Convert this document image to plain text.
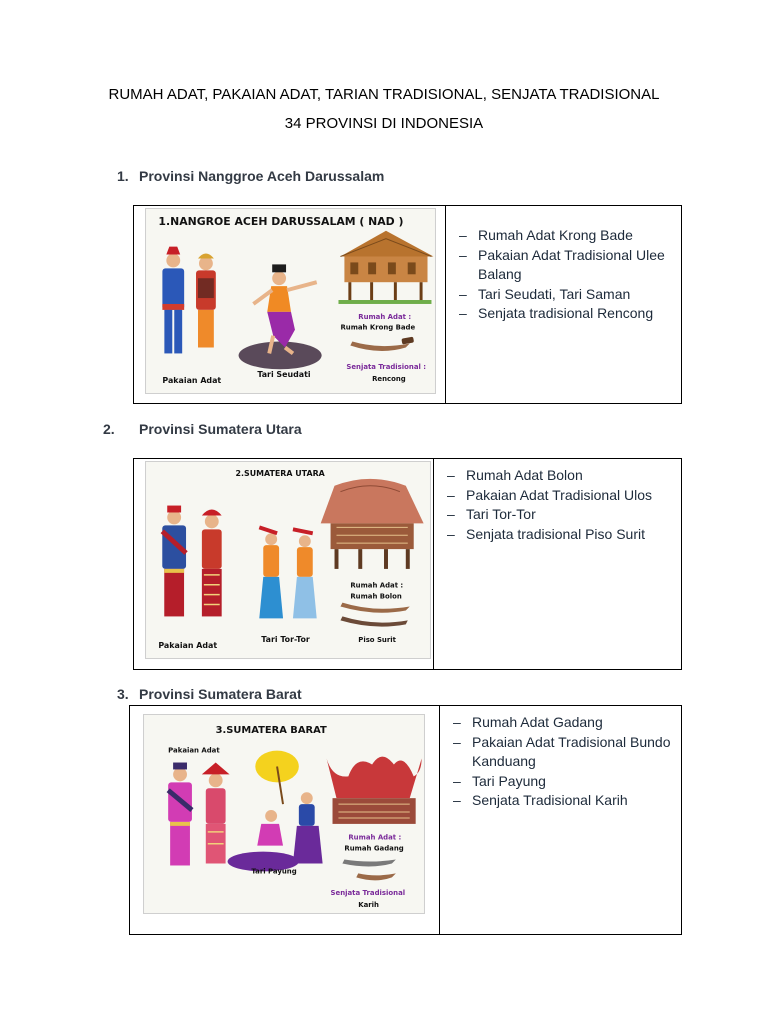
RUMAH ADAT, PAKAIAN ADAT, TARIAN TRADISIONAL, SENJATA TRADISIONAL
34 PROVINSI DI INDONESIA
1. Provinsi Nanggroe Aceh Darussalam
1.NANGROE ACEH DARUSSALAM ( NAD )
Pakaian Adat
Tari Seudati
Rumah Adat :
Rumah Krong Bade
Senjata Tradisional :
Rencong
– Rumah Adat Krong Bade
– Pakaian Adat Tradisional Ulee Balang
– Tari Seudati, Tari Saman
– Senjata tradisional Rencong
2. Provinsi Sumatera Utara
2.SUMATERA UTARA
Pakaian Adat
Tari Tor-Tor
Rumah Adat :
Rumah Bolon
Piso Surit
– Rumah Adat Bolon
– Pakaian Adat Tradisional Ulos
– Tari Tor-Tor
– Senjata tradisional Piso Surit
3. Provinsi Sumatera Barat
3.SUMATERA BARAT
Pakaian Adat
Tari Payung
Rumah Adat :
Rumah Gadang
Senjata Tradisional
Karih
– Rumah Adat Gadang
– Pakaian Adat Tradisional Bundo Kanduang
– Tari Payung
– Senjata Tradisional Karih
